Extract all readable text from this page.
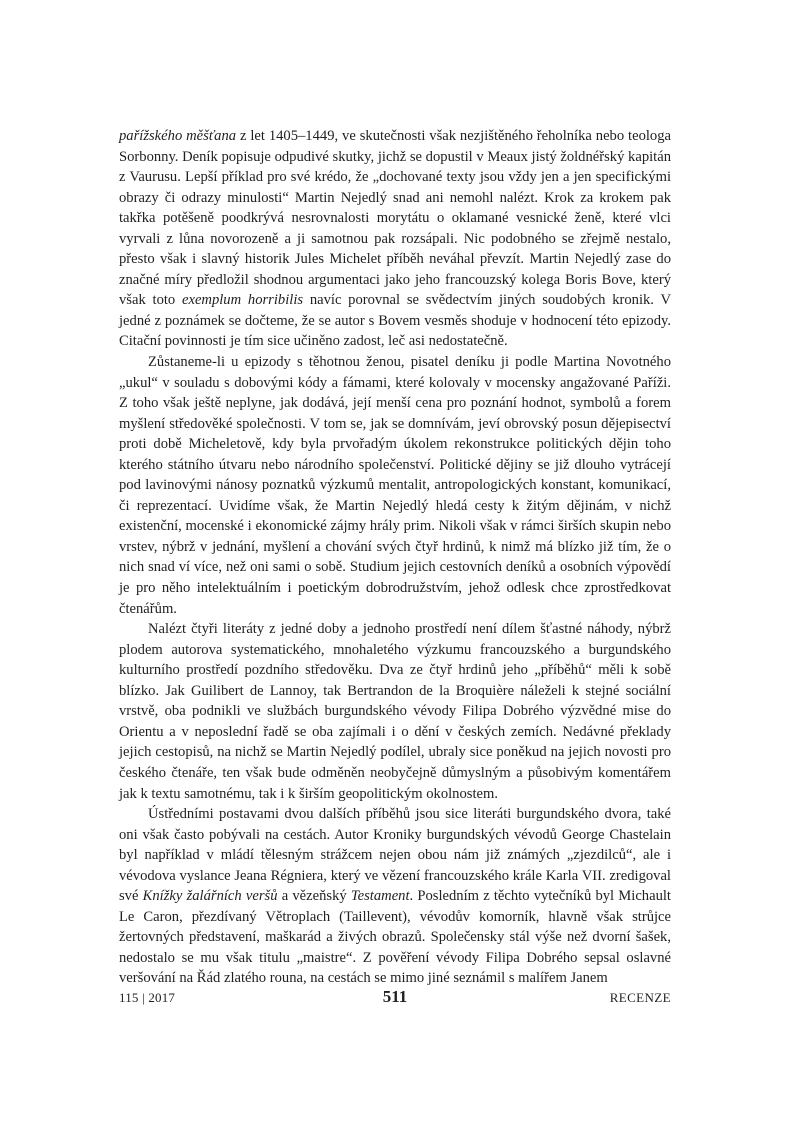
pařížského měšťana z let 1405–1449, ve skutečnosti však nezjištěného řeholníka nebo teologa Sorbonny. Deník popisuje odpudivé skutky, jichž se dopustil v Meaux jistý žoldnéřský kapitán z Vaurusu. Lepší příklad pro své krédo, že „dochované texty jsou vždy jen a jen specifickými obrazy či odrazy minulosti“ Martin Nejedlý snad ani nemohl nalézt. Krok za krokem pak takřka potěšeně poodkrývá nesrovnalosti morytátu o oklamané vesnické ženě, které vlci vyrvali z lůna novorozeně a ji samotnou pak rozsápali. Nic podobného se zřejmě nestalo, přesto však i slavný historik Jules Michelet příběh neváhal převzít. Martin Nejedlý zase do značné míry předložil shodnou argumentaci jako jeho francouzský kolega Boris Bove, který však toto exemplum horribilis navíc porovnal se svědectvím jiných soudobých kronik. V jedné z poznámek se dočteme, že se autor s Bovem vesměs shoduje v hodnocení této epizody. Citační povinnosti je tím sice učiněno zadost, leč asi nedostatečně.

Zůstaneme-li u epizody s těhotnou ženou, pisatel deníku ji podle Martina Novotného „ukul“ v souladu s dobovými kódy a fámami, které kolovaly v mocensky angažované Paříži. Z toho však ještě neplyne, jak dodává, její menší cena pro poznání hodnot, symbolů a forem myšlení středověké společnosti. V tom se, jak se domnívám, jeví obrovský posun dějepisectví proti době Micheletově, kdy byla prvořadým úkolem rekonstrukce politických dějin toho kterého státního útvaru nebo národního společenství. Politické dějiny se již dlouho vytrácejí pod lavinovými nánosy poznatků výzkumů mentalit, antropologických konstant, komunikací, či reprezentací. Uvidíme však, že Martin Nejedlý hledá cesty k žitým dějinám, v nichž existenční, mocenské i ekonomické zájmy hrály prim. Nikoli však v rámci širších skupin nebo vrstev, nýbrž v jednání, myšlení a chování svých čtyř hrdinů, k nimž má blízko již tím, že o nich snad ví více, než oni sami o sobě. Studium jejich cestovních deníků a osobních výpovědí je pro něho intelektuálním i poetickým dobrodružstvím, jehož odlesk chce zprostředkovat čtenářům.

Nalézt čtyři literáty z jedné doby a jednoho prostředí není dílem šťastné náhody, nýbrž plodem autorova systematického, mnohaletého výzkumu francouzského a burgundského kulturního prostředí pozdního středověku. Dva ze čtyř hrdinů jeho „příběhů“ měli k sobě blízko. Jak Guilibert de Lannoy, tak Bertrandon de la Broquière náleželi k stejné sociální vrstvě, oba podnikli ve službách burgundského vévody Filipa Dobrého výzvědné mise do Orientu a v neposlední řadě se oba zajímali i o dění v českých zemích. Nedávné překlady jejich cestopisů, na nichž se Martin Nejedlý podílel, ubraly sice poněkud na jejich novosti pro českého čtenáře, ten však bude odměněn neobyčejně důmyslným a působivým komentářem jak k textu samotnému, tak i k širším geopolitickým okolnostem.

Ústředními postavami dvou dalších příběhů jsou sice literáti burgundského dvora, také oni však často pobývali na cestách. Autor Kroniky burgundských vévodů George Chastelain byl například v mládí tělesným strážcem nejen obou nám již známých „zjezdilců“, ale i vévodova vyslance Jeana Régniera, který ve vězení francouzského krále Karla VII. zredigoval své Knížky žalářních veršů a vězeňský Testament. Posledním z těchto vytečníků byl Michault Le Caron, přezdívaný Větroplach (Taillevent), vévodův komorník, hlavně však strůjce žertovných představení, maškarád a živých obrazů. Společensky stál výše než dvorní šašek, nedostalo se mu však titulu „maistre“. Z pověření vévody Filipa Dobrého sepsal oslavné veršování na Řád zlatého rouna, na cestách se mimo jiné seznámil s malířem Janem

115 | 2017	511	RECENZE
